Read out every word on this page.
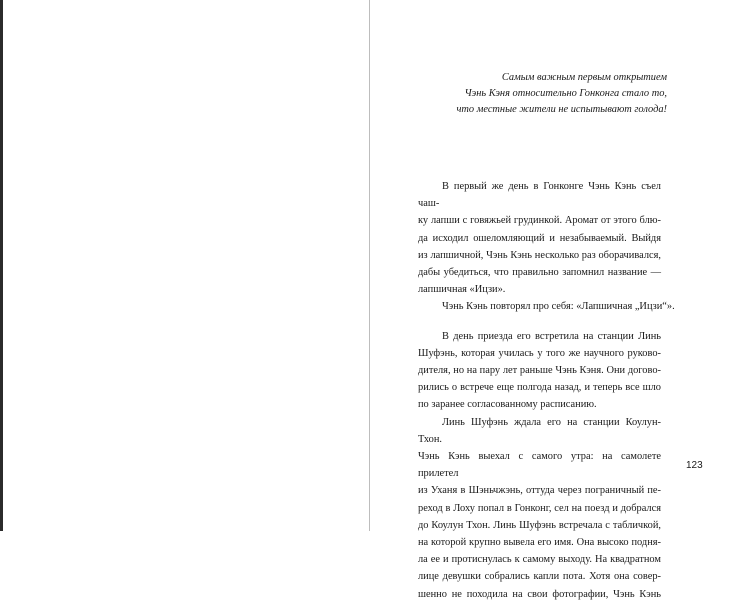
Самым важным первым открытием
Чэнь Кэня относительно Гонконга стало то,
что местные жители не испытывают голода!
В первый же день в Гонконге Чэнь Кэнь съел чаш-
ку лапши с говяжьей грудинкой. Аромат от этого блю-
да исходил ошеломляющий и незабываемый. Выйдя
из лапшичной, Чэнь Кэнь несколько раз оборачивался,
дабы убедиться, что правильно запомнил название —
лапшичная «Ицзи».
Чэнь Кэнь повторял про себя: «Лапшичная „Ицзи“».
В день приезда его встретила на станции Линь
Шуфэнь, которая училась у того же научного руково-
дителя, но на пару лет раньше Чэнь Кэня. Они догово-
рились о встрече еще полгода назад, и теперь все шло
по заранее согласованному расписанию.
Линь Шуфэнь ждала его на станции Коулун-Тхон.
Чэнь Кэнь выехал с самого утра: на самолете прилетел
из Уханя в Шэньчжэнь, оттуда через пограничный пе-
реход в Лоху попал в Гонконг, сел на поезд и добрался
до Коулун Тхон. Линь Шуфэнь встречала с табличкой,
на которой крупно вывела его имя. Она высоко подня-
ла ее и протиснулась к самому выходу. На квадратном
лице девушки собрались капли пота. Хотя она совер-
шенно не походила на свои фотографии, Чэнь Кэнь
123
